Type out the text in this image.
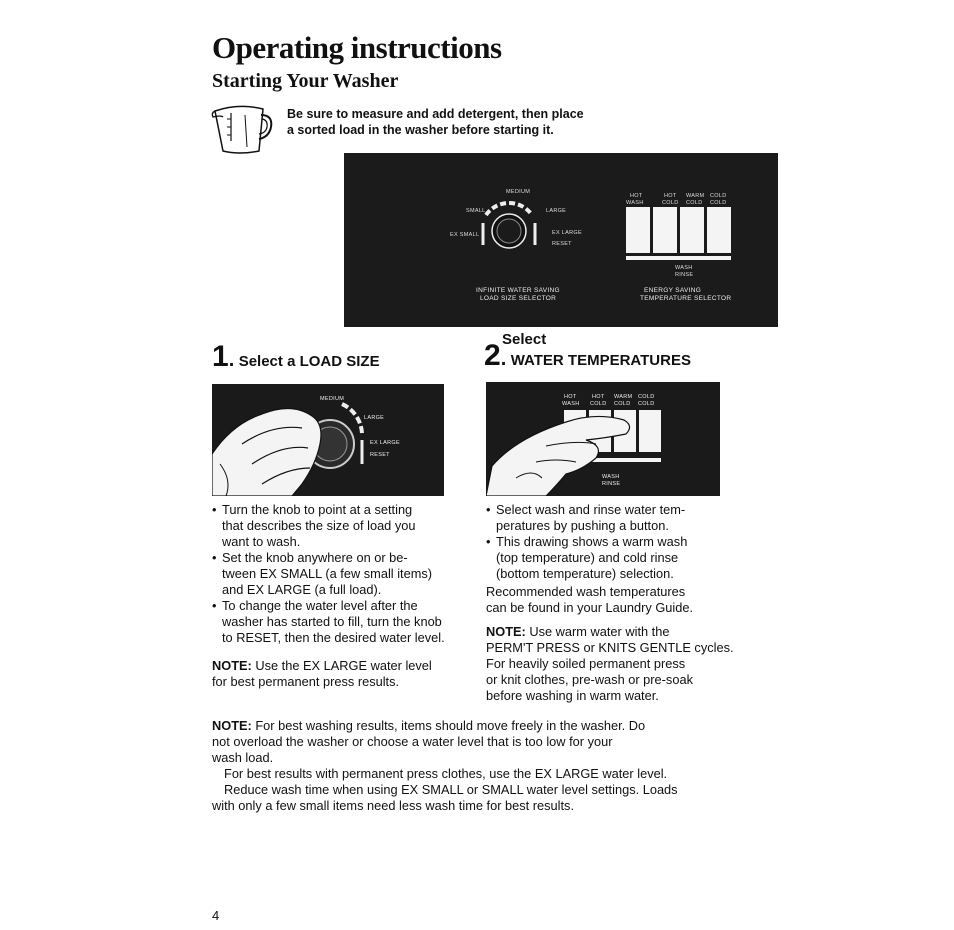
Operating instructions
Starting Your Washer
Be sure to measure and add detergent, then place
a sorted load in the washer before starting it.
MEDIUM
SMALL	LARGE
EX SMALL	EX LARGE
RESET
INFINITE WATER SAVING
LOAD SIZE SELECTOR
HOT
WASH
HOT
COLD
WARM
COLD
COLD
COLD
WASH
RINSE
ENERGY SAVING
TEMPERATURE SELECTOR
1. Select a LOAD SIZE
Select
2. WATER TEMPERATURES
MEDIUM
LARGE
EX LARGE
RESET
HOT
WASH
HOT
COLD
WARM
COLD
COLD
COLD
WASH
RINSE
• Turn the knob to point at a setting
that describes the size of load you
want to wash.
• Set the knob anywhere on or be-
tween EX SMALL (a few small items)
and EX LARGE (a full load).
• To change the water level after the
washer has started to fill, turn the knob
to RESET, then the desired water level.
NOTE: Use the EX LARGE water level
for best permanent press results.
• Select wash and rinse water tem-
peratures by pushing a button.
• This drawing shows a warm wash
(top temperature) and cold rinse
(bottom temperature) selection.
Recommended wash temperatures
can be found in your Laundry Guide.
NOTE: Use warm water with the
PERM'T PRESS or KNITS GENTLE cycles.
For heavily soiled permanent press
or knit clothes, pre-wash or pre-soak
before washing in warm water.
NOTE: For best washing results, items should move freely in the washer. Do
not overload the washer or choose a water level that is too low for your
wash load.
For best results with permanent press clothes, use the EX LARGE water level.
Reduce wash time when using EX SMALL or SMALL water level settings. Loads
with only a few small items need less wash time for best results.
4
